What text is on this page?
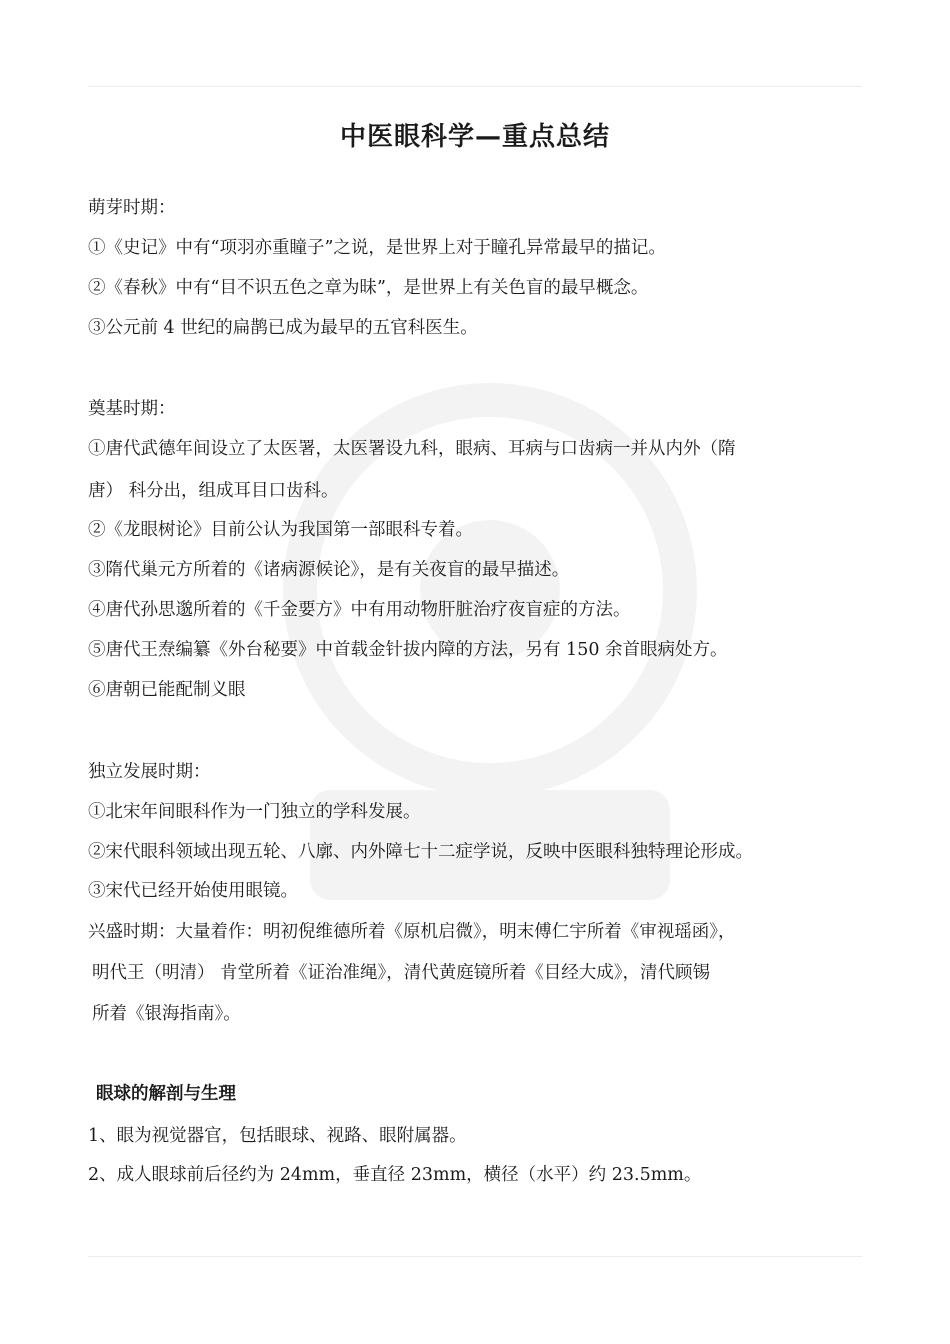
中医眼科学—重点总结
萌芽时期：
①《史记》中有“项羽亦重瞳子”之说，是世界上对于瞳孔异常最早的描记。
②《春秋》中有“目不识五色之章为昧”，是世界上有关色盲的最早概念。
③公元前 4 世纪的扁鹊已成为最早的五官科医生。
奠基时期：
①唐代武德年间设立了太医署，太医署设九科，眼病、耳病与口齿病一并从内外（隋
唐） 科分出，组成耳目口齿科。
②《龙眼树论》目前公认为我国第一部眼科专着。
③隋代巢元方所着的《诸病源候论》，是有关夜盲的最早描述。
④唐代孙思邈所着的《千金要方》中有用动物肝脏治疗夜盲症的方法。
⑤唐代王焘编纂《外台秘要》中首载金针拔内障的方法，另有 150 余首眼病处方。
⑥唐朝已能配制义眼
独立发展时期：
①北宋年间眼科作为一门独立的学科发展。
②宋代眼科领域出现五轮、八廓、内外障七十二症学说，反映中医眼科独特理论形成。
③宋代已经开始使用眼镜。
兴盛时期：大量着作：明初倪维德所着《原机启微》，明末傅仁宇所着《审视瑶函》，
明代王（明清） 肯堂所着《证治准绳》，清代黄庭镜所着《目经大成》，清代顾锡
所着《银海指南》。
眼球的解剖与生理
1、眼为视觉器官，包括眼球、视路、眼附属器。
2、成人眼球前后径约为 24mm，垂直径 23mm，横径（水平）约 23.5mm。
